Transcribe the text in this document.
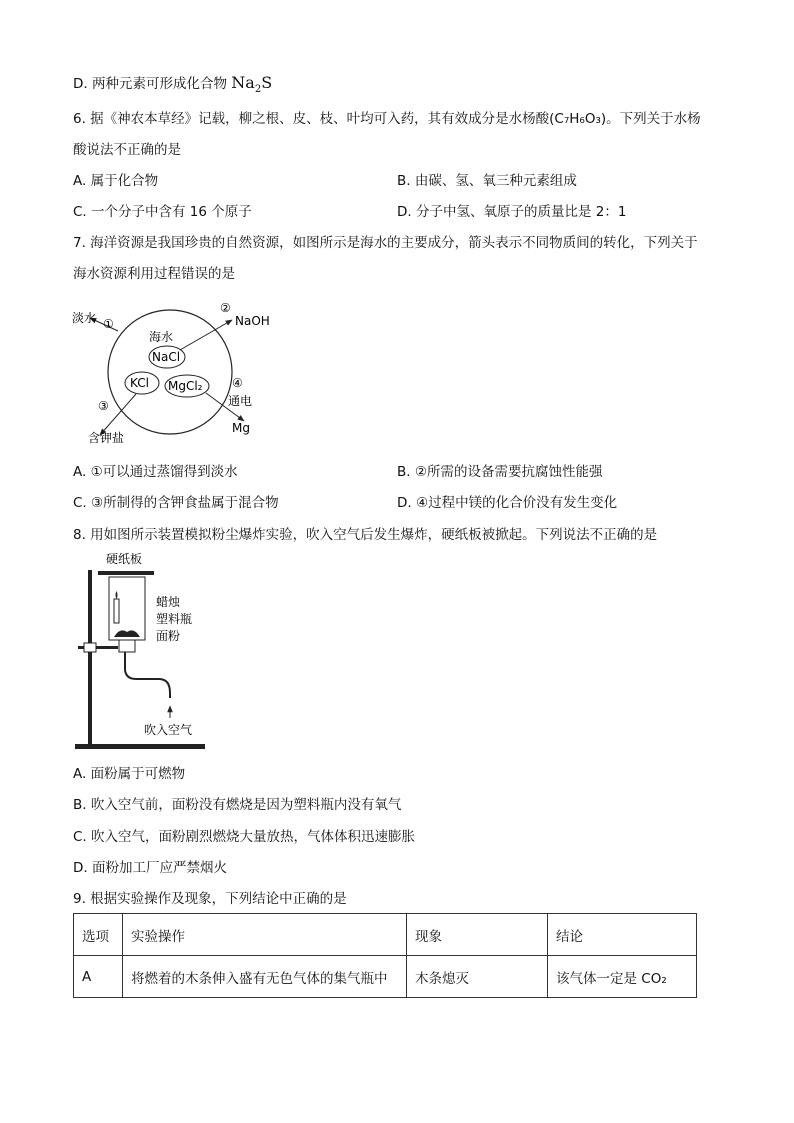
D. 两种元素可形成化合物 $Na_2S$
6. 据《神农本草经》记载，柳之根、皮、枝、叶均可入药，其有效成分是水杨酸(C₇H₆O₃)。下列关于水杨
酸说法不正确的是
A. 属于化合物	B. 由碳、氢、氧三种元素组成
C. 一个分子中含有 16 个原子	D. 分子中氢、氧原子的质量比是 2：1
7. 海洋资源是我国珍贵的自然资源，如图所示是海水的主要成分，箭头表示不同物质间的转化，下列关于
海水资源利用过程错误的是
淡水 ①
②
NaOH
海水
NaCl
KCl MgCl₂ ④
通电
Mg
③
含钾盐
A. ①可以通过蒸馏得到淡水	B. ②所需的设备需要抗腐蚀性能强
C. ③所制得的含钾食盐属于混合物	D. ④过程中镁的化合价没有发生变化
8. 用如图所示装置模拟粉尘爆炸实验，吹入空气后发生爆炸，硬纸板被掀起。下列说法不正确的是
硬纸板
蜡烛
塑料瓶
面粉
吹入空气
A. 面粉属于可燃物
B. 吹入空气前，面粉没有燃烧是因为塑料瓶内没有氧气
C. 吹入空气，面粉剧烈燃烧大量放热，气体体积迅速膨胀
D. 面粉加工厂应严禁烟火
9. 根据实验操作及现象，下列结论中正确的是
选项	实验操作	现象	结论
A	将燃着的木条伸入盛有无色气体的集气瓶中	木条熄灭	该气体一定是 CO₂
